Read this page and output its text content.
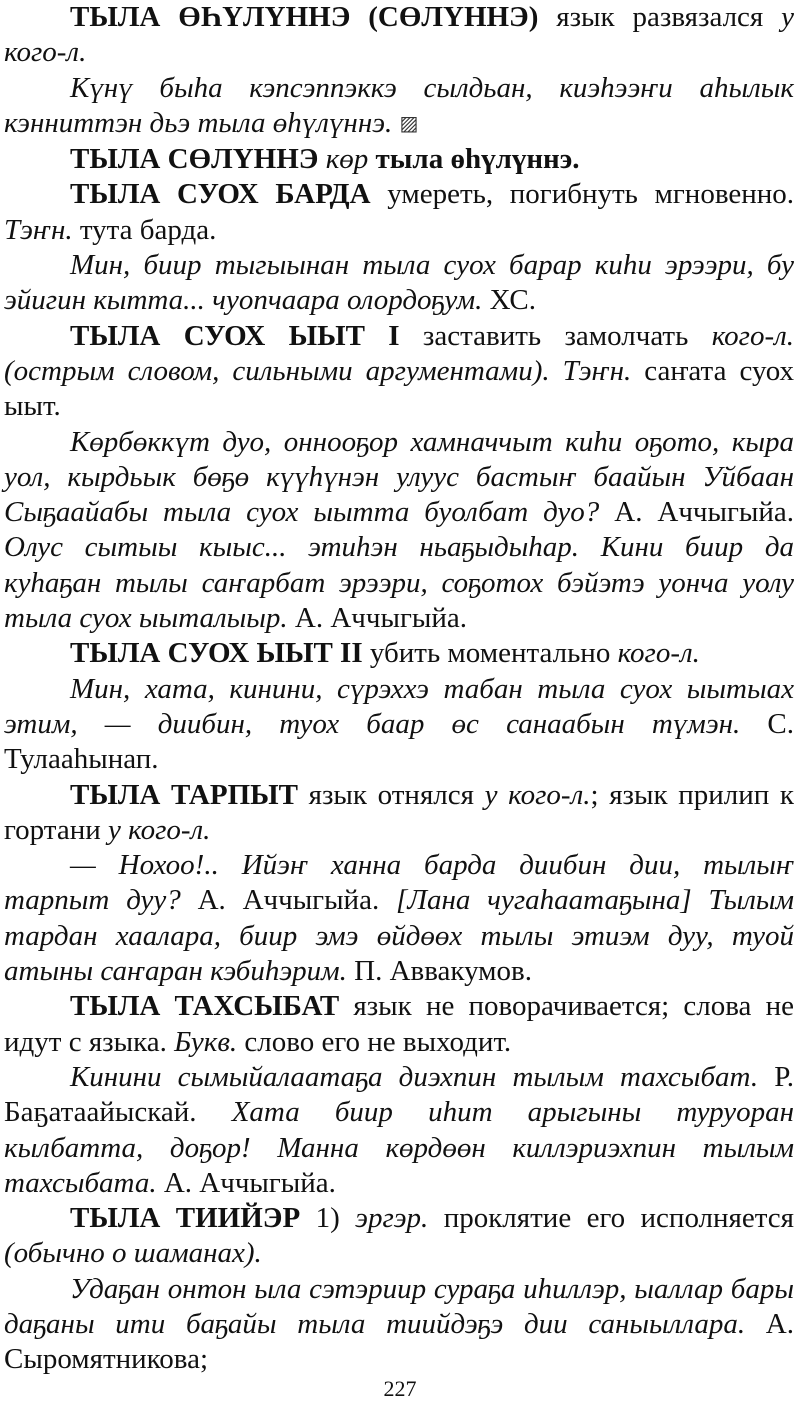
ТЫЛА ӨҺҮЛҮННЭ (СӨЛҮННЭ) язык развязался у кого-л.

Күнү быһа кэпсэппэккэ сылдьан, киэһээҥи аһылык кэнниттэн дьэ тыла өһүлүннэ. ▨

ТЫЛА СӨЛҮННЭ көр тыла өһүлүннэ.

ТЫЛА СУОХ БАРДА умереть, погибнуть мгновенно. Тэҥн. тута барда.

Мин, биир тыгыынан тыла суох барар киһи эрээри, бу эйигин кытта... чуопчаара олордоҕум. ХС.

ТЫЛА СУОХ ЫЫТ I заставить замолчать кого-л. (острым словом, сильными аргументами). Тэҥн. саҥата суох ыыт.

Көрбөккүт дуо, онноoҕор хамначчыт киһи оҕото, кыра уол, кырдьык бөҕө күүһүнэн улуус бастыҥ баайын Уйбаан Сыҕаайабы тыла суох ыытта буолбат дуо? А. Аччыгыйа. Олус сытыы кыыс... этиһэн ньаҕыдыһар. Кини биир да куһаҕан тылы саҥарбат эрээри, соҕотох бэйэтэ уонча уолу тыла суох ыыталыыр. А. Аччыгыйа.

ТЫЛА СУОХ ЫЫТ II убить моментально кого-л.

Мин, хата, кинини, сүрэххэ табан тыла суох ыытыах этим, — диибин, туох баар өс санаабын түмэн. С. Тулааһынап.

ТЫЛА ТАРПЫТ язык отнялся у кого-л.; язык прилип к гортани у кого-л.

— Нохоо!.. Ийэҥ ханна барда диибин дии, тылыҥ тарпыт дуу? А. Аччыгыйа. [Лана чугаһаатаҕына] Тылым тардан хаалара, биир эмэ өйдөөх тылы этиэм дуу, туой атыны саҥаран кэбиһэрим. П. Аввакумов.

ТЫЛА ТАХСЫБАТ язык не поворачивается; слова не идут с языка. Букв. слово его не выходит.

Кинини сымыйалаатаҕа диэхпин тылым тахсыбат. Р. Баҕатаайыскай. Хата биир иһит арыгыны туруоран кылбатта, доҕор! Манна көрдөөн киллэриэхпин тылым тахсыбата. А. Аччыгыйа.

ТЫЛА ТИИЙЭР 1) эргэр. проклятие его исполняется (обычно о шаманах).

Удаҕан онтон ыла сэтэриир сураҕа иһиллэр, ыаллар бары даҕаны ити баҕайы тыла тиийдэҕэ дии саныыллара. А. Сыромятникова;

227
